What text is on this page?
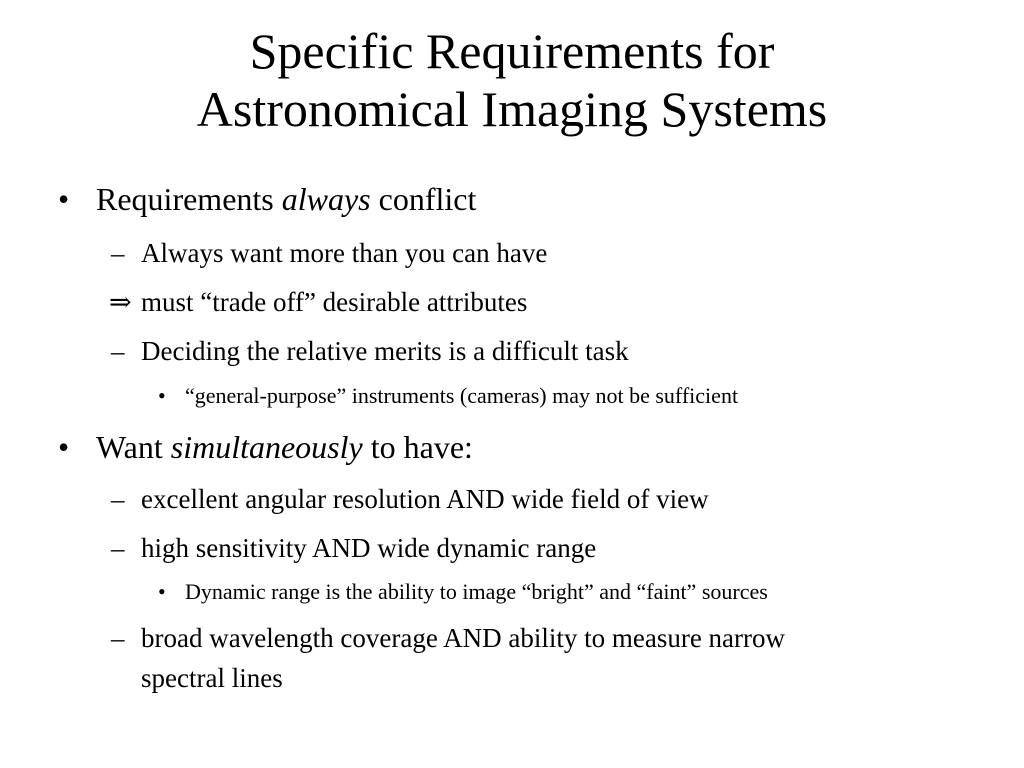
Specific Requirements for
Astronomical Imaging Systems
• Requirements always conflict
– Always want more than you can have
⇒ must “trade off” desirable attributes
– Deciding the relative merits is a difficult task
• “general-purpose” instruments (cameras) may not be sufficient
• Want simultaneously to have:
– excellent angular resolution AND wide field of view
– high sensitivity AND wide dynamic range
• Dynamic range is the ability to image “bright” and “faint” sources
– broad wavelength coverage AND ability to measure narrow
spectral lines
